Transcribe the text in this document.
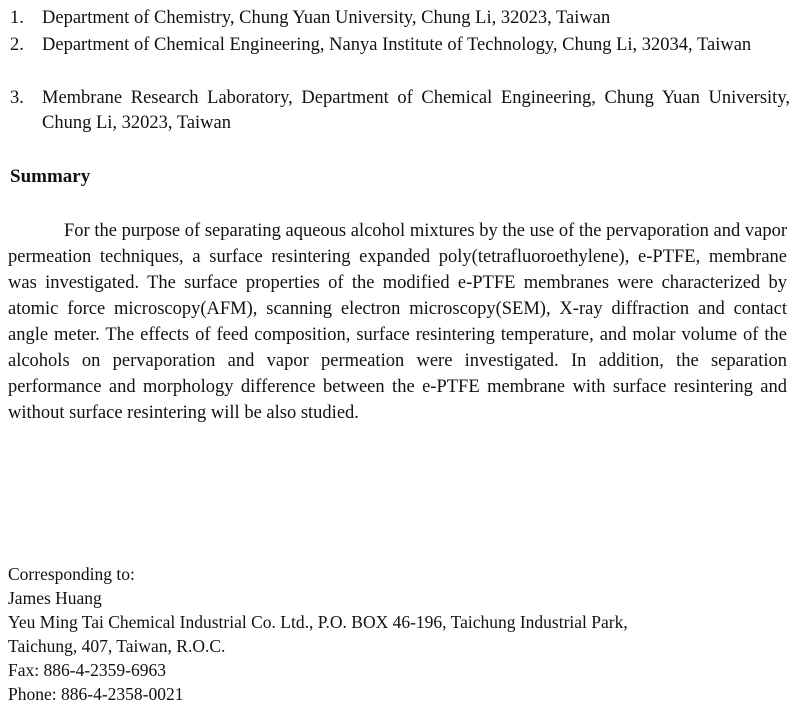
1. Department of Chemistry, Chung Yuan University, Chung Li, 32023, Taiwan
2. Department of Chemical Engineering, Nanya Institute of Technology, Chung Li, 32034, Taiwan
3. Membrane Research Laboratory, Department of Chemical Engineering, Chung Yuan University, Chung Li, 32023, Taiwan
Summary
For the purpose of separating aqueous alcohol mixtures by the use of the pervaporation and vapor permeation techniques, a surface resintering expanded poly(tetrafluoroethylene), e-PTFE, membrane was investigated. The surface properties of the modified e-PTFE membranes were characterized by atomic force microscopy(AFM), scanning electron microscopy(SEM), X-ray diffraction and contact angle meter. The effects of feed composition, surface resintering temperature, and molar volume of the alcohols on pervaporation and vapor permeation were investigated. In addition, the separation performance and morphology difference between the e-PTFE membrane with surface resintering and without surface resintering will be also studied.
Corresponding to:
James Huang
Yeu Ming Tai Chemical Industrial Co. Ltd., P.O. BOX 46-196, Taichung Industrial Park,
Taichung, 407, Taiwan, R.O.C.
Fax: 886-4-2359-6963
Phone: 886-4-2358-0021
